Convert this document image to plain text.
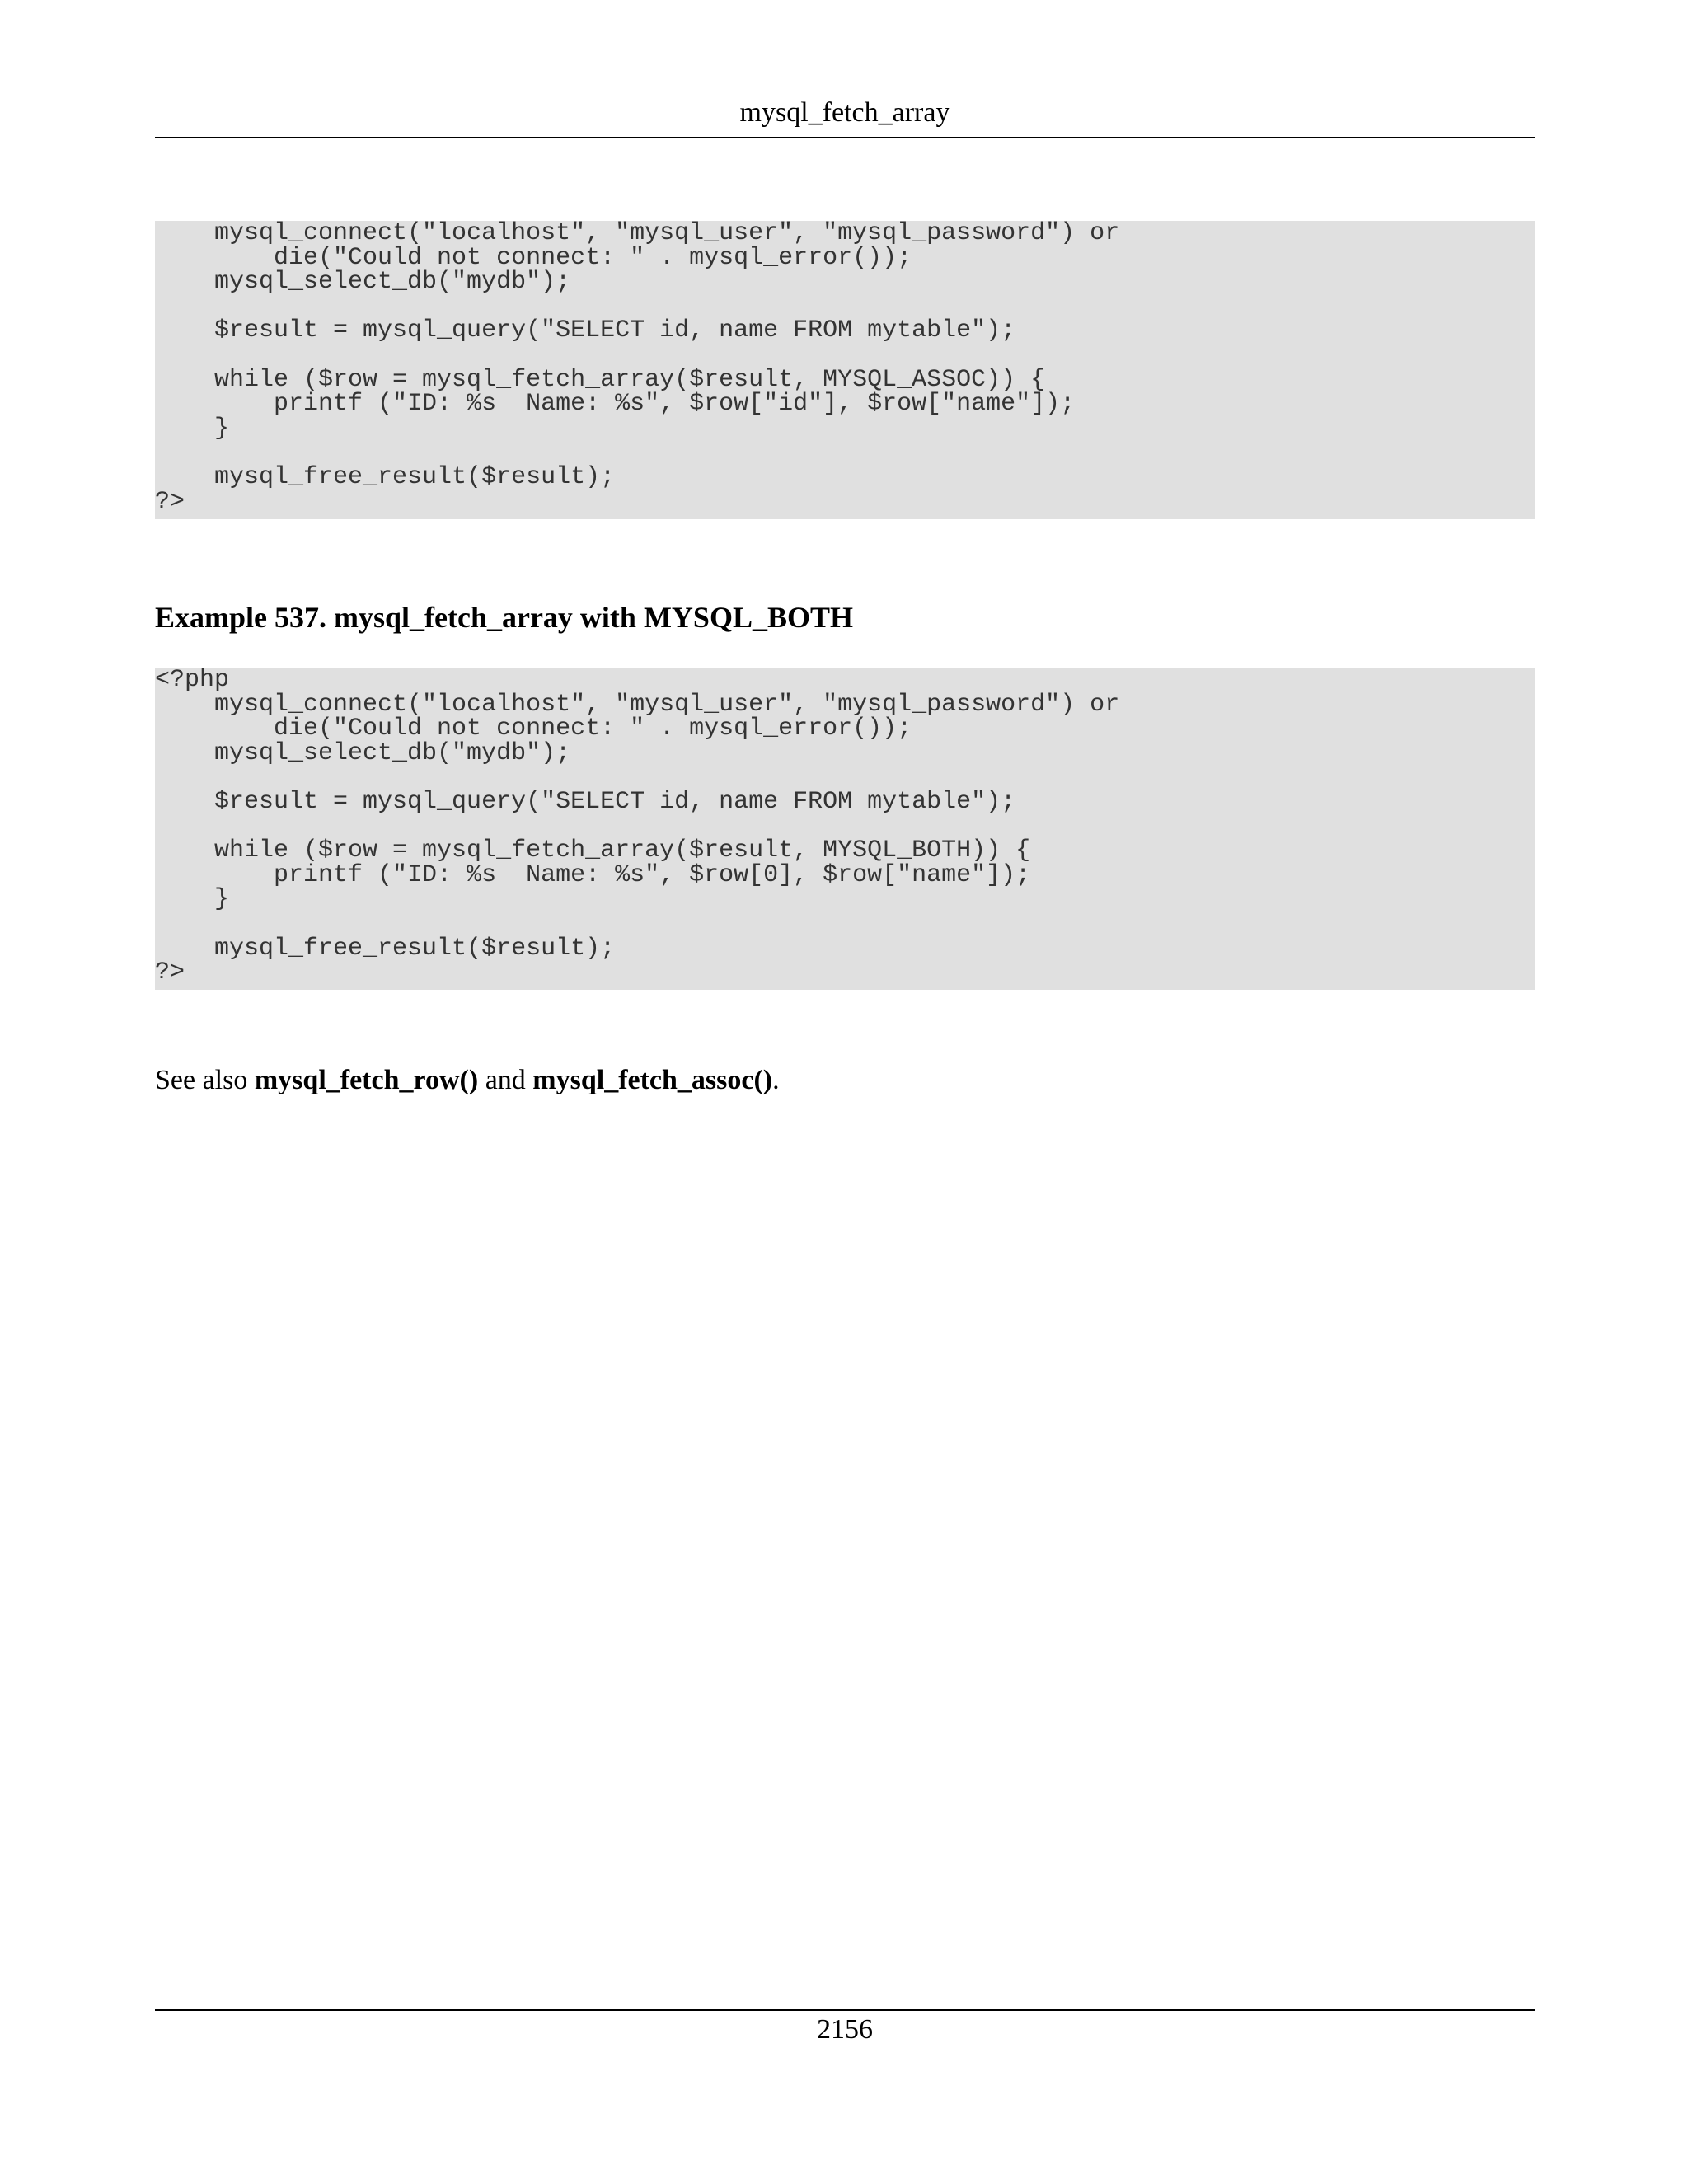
mysql_fetch_array
mysql_connect("localhost", "mysql_user", "mysql_password") or
die("Could not connect: " . mysql_error());
mysql_select_db("mydb");

$result = mysql_query("SELECT id, name FROM mytable");

while ($row = mysql_fetch_array($result, MYSQL_ASSOC)) {
printf ("ID: %s  Name: %s", $row["id"], $row["name"]);
}

mysql_free_result($result);
?>
Example 537. mysql_fetch_array with MYSQL_BOTH
<?php
mysql_connect("localhost", "mysql_user", "mysql_password") or
die("Could not connect: " . mysql_error());
mysql_select_db("mydb");

$result = mysql_query("SELECT id, name FROM mytable");

while ($row = mysql_fetch_array($result, MYSQL_BOTH)) {
printf ("ID: %s  Name: %s", $row[0], $row["name"]);
}

mysql_free_result($result);
?>

See also mysql_fetch_row() and mysql_fetch_assoc().

2156
